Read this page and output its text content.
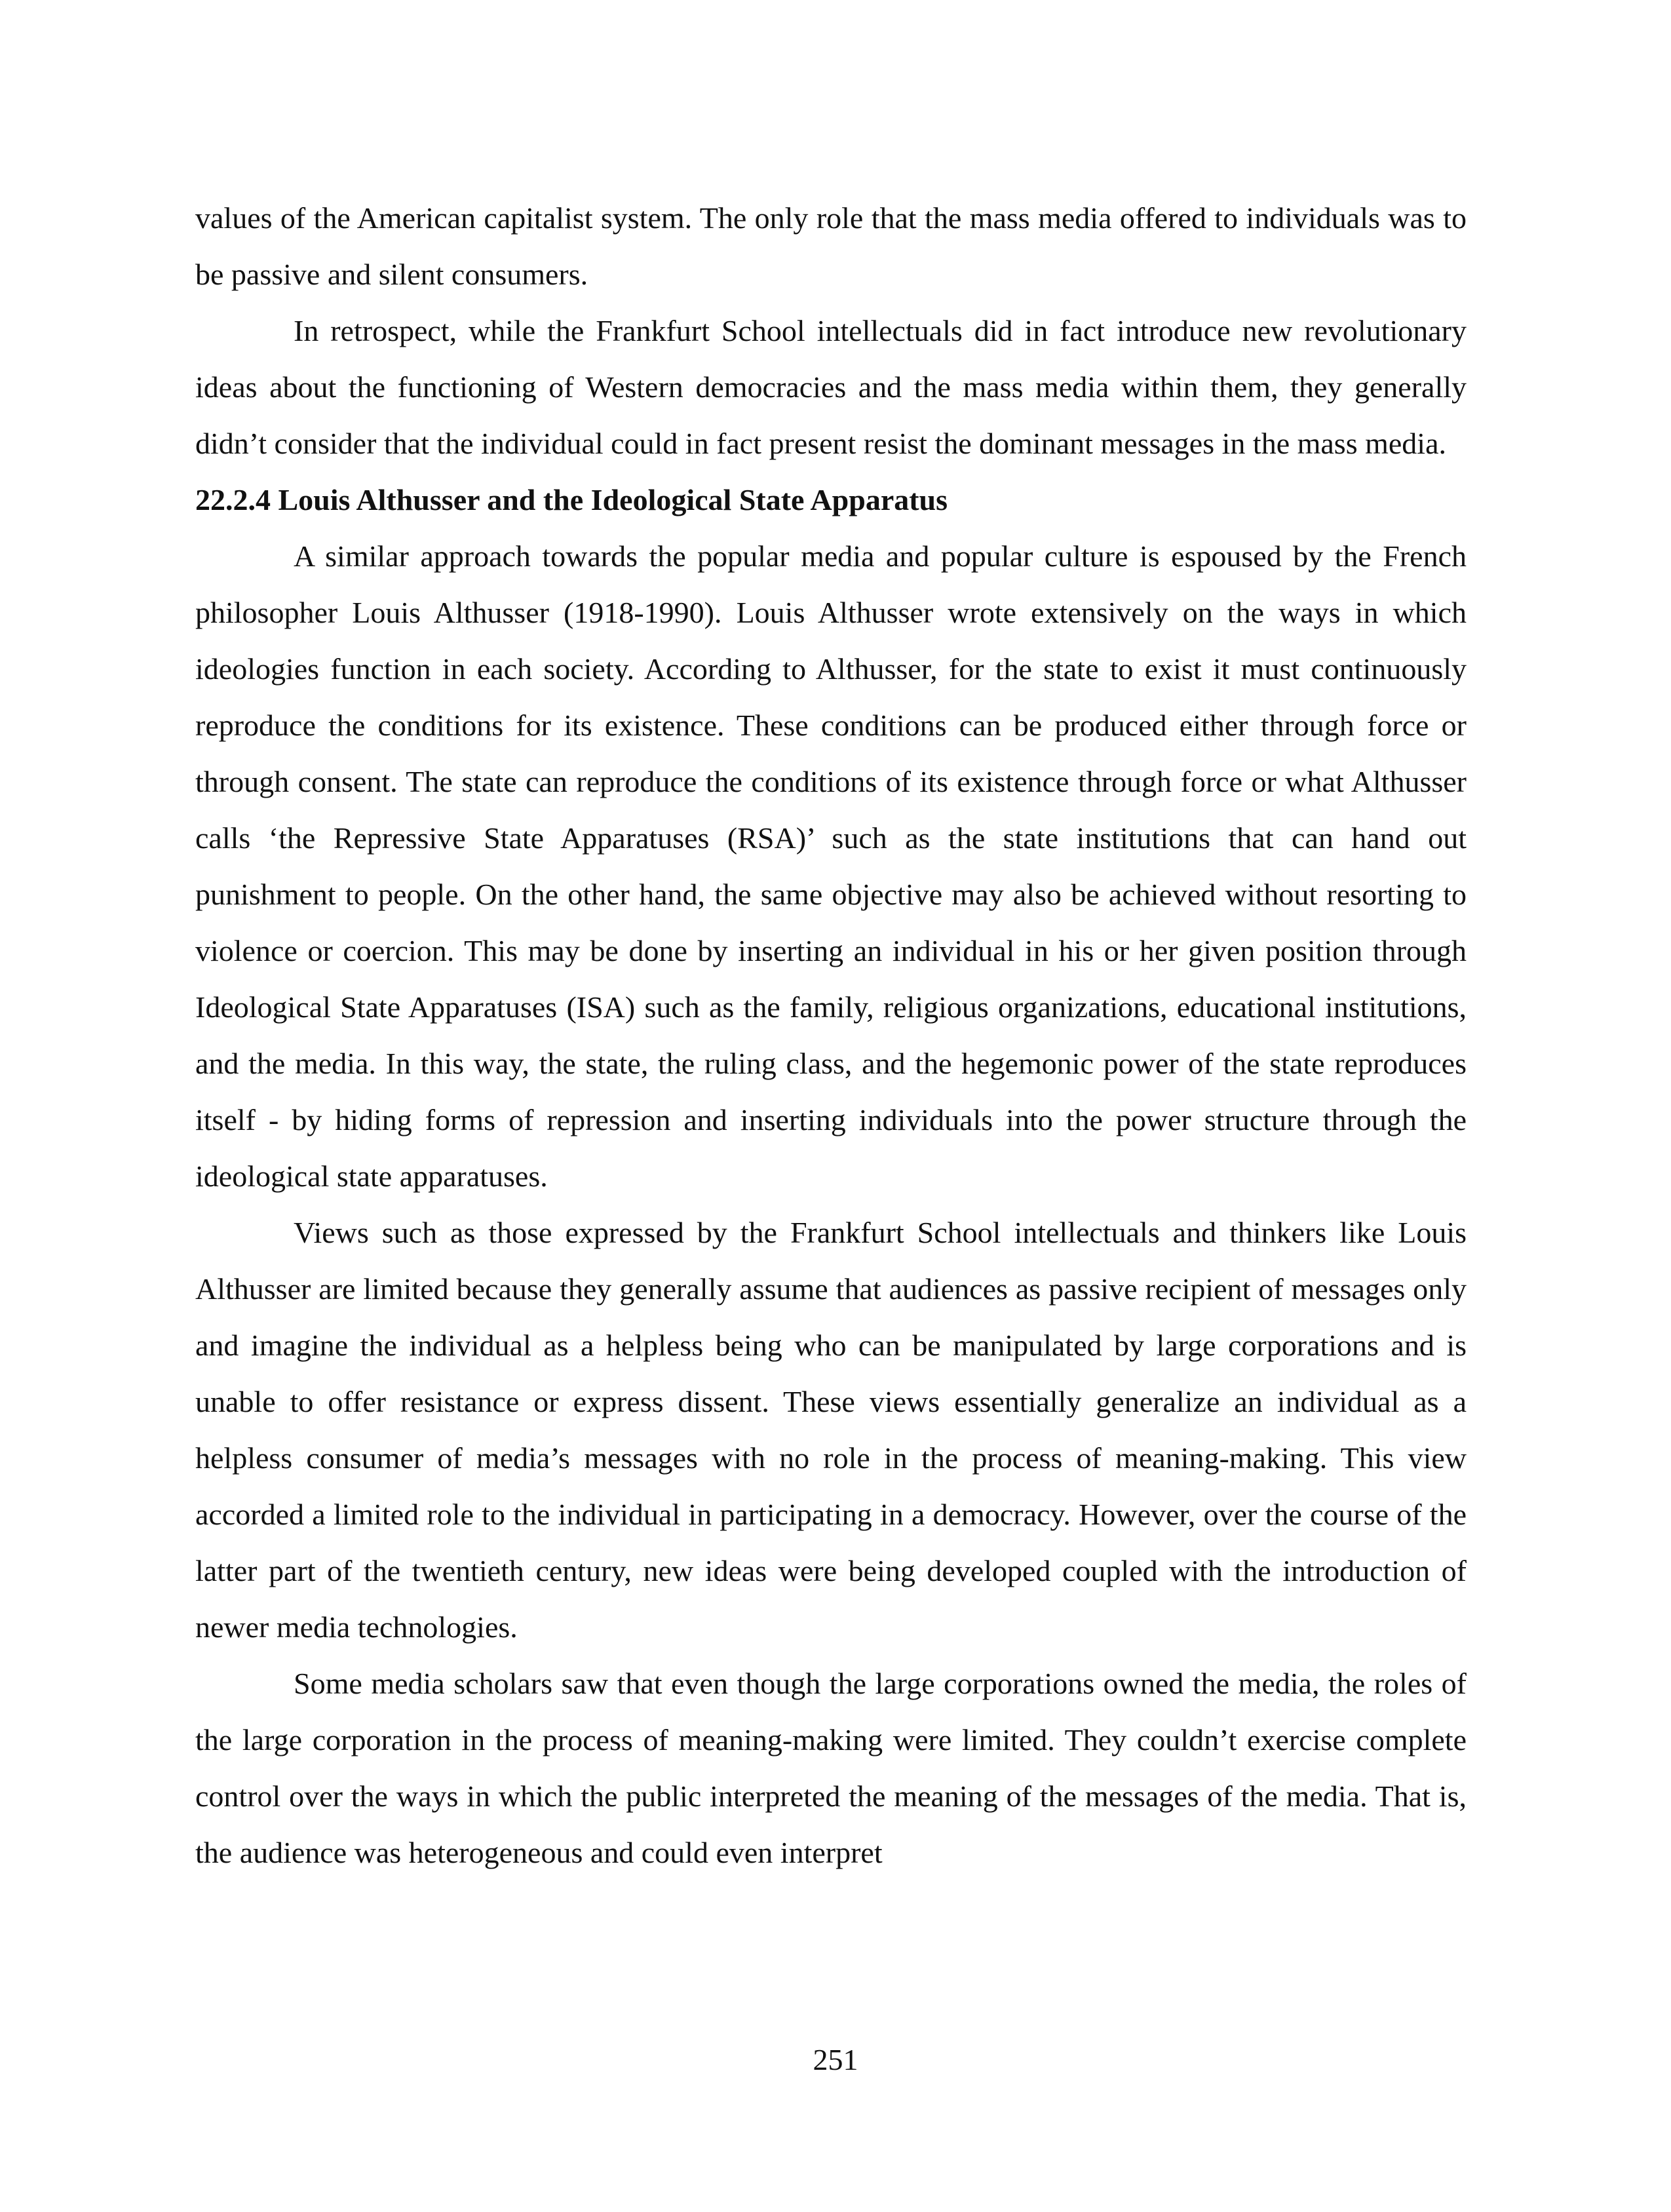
values of the American capitalist system. The only role that the mass media offered to individuals was to be passive and silent consumers.

In retrospect, while the Frankfurt School intellectuals did in fact introduce new revolutionary ideas about the functioning of Western democracies and the mass media within them, they generally didn’t consider that the individual could in fact present resist the dominant messages in the mass media.

22.2.4 Louis Althusser and the Ideological State Apparatus

A similar approach towards the popular media and popular culture is espoused by the French philosopher Louis Althusser (1918-1990). Louis Althusser wrote extensively on the ways in which ideologies function in each society. According to Althusser, for the state to exist it must continuously reproduce the conditions for its existence. These conditions can be produced either through force or through consent. The state can reproduce the conditions of its existence through force or what Althusser calls ‘the Repressive State Apparatuses (RSA)’ such as the state institutions that can hand out punishment to people. On the other hand, the same objective may also be achieved without resorting to violence or coercion. This may be done by inserting an individual in his or her given position through Ideological State Apparatuses (ISA) such as the family, religious organizations, educational institutions, and the media. In this way, the state, the ruling class, and the hegemonic power of the state reproduces itself - by hiding forms of repression and inserting individuals into the power structure through the ideological state apparatuses.

Views such as those expressed by the Frankfurt School intellectuals and thinkers like Louis Althusser are limited because they generally assume that audiences as passive recipient of messages only and imagine the individual as a helpless being who can be manipulated by large corporations and is unable to offer resistance or express dissent. These views essentially generalize an individual as a helpless consumer of media’s messages with no role in the process of meaning-making. This view accorded a limited role to the individual in participating in a democracy. However, over the course of the latter part of the twentieth century, new ideas were being developed coupled with the introduction of newer media technologies.

Some media scholars saw that even though the large corporations owned the media, the roles of the large corporation in the process of meaning-making were limited. They couldn’t exercise complete control over the ways in which the public interpreted the meaning of the messages of the media. That is, the audience was heterogeneous and could even interpret

251
